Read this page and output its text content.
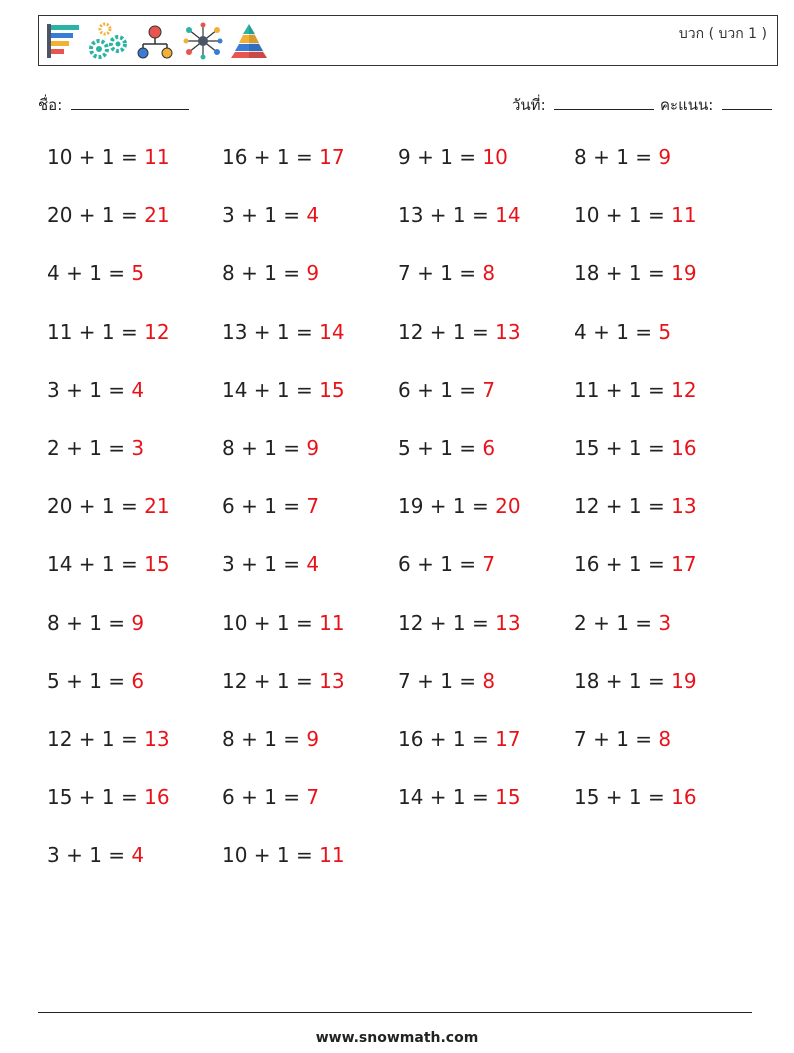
บวก ( บวก 1 )
ชื่อ:	วันที่:	คะแนน:
10 + 1 = 11
20 + 1 = 21
4 + 1 = 5
11 + 1 = 12
3 + 1 = 4
2 + 1 = 3
20 + 1 = 21
14 + 1 = 15
8 + 1 = 9
5 + 1 = 6
12 + 1 = 13
15 + 1 = 16
3 + 1 = 4
16 + 1 = 17
3 + 1 = 4
8 + 1 = 9
13 + 1 = 14
14 + 1 = 15
8 + 1 = 9
6 + 1 = 7
3 + 1 = 4
10 + 1 = 11
12 + 1 = 13
8 + 1 = 9
6 + 1 = 7
10 + 1 = 11
9 + 1 = 10
13 + 1 = 14
7 + 1 = 8
12 + 1 = 13
6 + 1 = 7
5 + 1 = 6
19 + 1 = 20
6 + 1 = 7
12 + 1 = 13
7 + 1 = 8
16 + 1 = 17
14 + 1 = 15
8 + 1 = 9
10 + 1 = 11
18 + 1 = 19
4 + 1 = 5
11 + 1 = 12
15 + 1 = 16
12 + 1 = 13
16 + 1 = 17
2 + 1 = 3
18 + 1 = 19
7 + 1 = 8
15 + 1 = 16
www.snowmath.com
